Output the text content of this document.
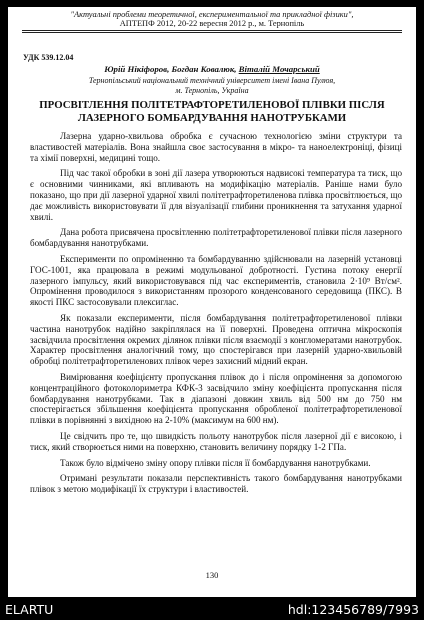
"Актуальні проблеми теоретичної, експериментальної та прикладної фізики",
АПТЕПФ 2012, 20-22 вересня 2012 р., м. Тернопіль
УДК 539.12.04
Юрій Нікіфоров, Богдан Ковалюк, Віталій Мочарський
Тернопільський національний технічний університет імені Івана Пулюя,
м. Тернопіль, Україна
ПРОСВІТЛЕННЯ ПОЛІТЕТРАФТОРЕТИЛЕНОВОЇ ПЛІВКИ ПІСЛЯ
ЛАЗЕРНОГО БОМБАРДУВАННЯ НАНОТРУБКАМИ

Лазерна ударно-хвильова обробка є сучасною технологією зміни структури та властивостей матеріалів. Вона знайшла своє застосування в мікро- та наноелектроніці, фізиці та хімії поверхні, медицині тощо.

Під час такої обробки в зоні дії лазера утворюються надвисокі температура та тиск, що є основними чинниками, які впливають на модифікацію матеріалів. Раніше нами було показано, що при дії лазерної ударної хвилі політетрафторетиленова плівка просвітлюється, що дає можливість використовувати її для візуалізації глибини проникнення та затухання ударної хвилі.

Дана робота присвячена просвітленню політетрафторетиленової плівки після лазерного бомбардування нанотрубками.

Експерименти по опроміненню та бомбардуванню здійснювали на лазерній установці ГОС-1001, яка працювала в режимі модульованої добротності. Густина потоку енергії лазерного імпульсу, який використовувався під час експериментів, становила 2·10⁹ Вт/см². Опромінення проводилося з використанням прозорого конденсованого середовища (ПКС). В якості ПКС застосовували плексиглас.

Як показали експерименти, після бомбардування політетрафторетиленової плівки частина нанотрубок надійно закріплялася на її поверхні. Проведена оптична мікроскопія засвідчила просвітлення окремих ділянок плівки після взаємодії з конгломератами нанотрубок. Характер просвітлення аналогічний тому, що спостерігався при лазерній ударно-хвильовій обробці політетрафторетиленових плівок через захисний мідний екран.

Вимірювання коефіцієнту пропускання плівок до і після опромінення за допомогою концентраційного фотоколориметра КФК-3 засвідчило зміну коефіцієнта пропускання після бомбардування нанотрубками. Так в діапазоні довжин хвиль від 500 нм до 750 нм спостерігається збільшення коефіцієнта пропускання обробленої політетрафторетиленової плівки в порівнянні з вихідною на 2-10% (максимум на 600 нм).

Це свідчить про те, що швидкість польоту нанотрубок після лазерної дії є високою, і тиск, який створюється ними на поверхню, становить величину порядку 1-2 ГПа.

Також було відмічено зміну опору плівки після її бомбардування нанотрубками.

Отримані результати показали перспективність такого бомбардування нанотрубками плівок з метою модифікації їх структури і властивостей.

130
ELARTU	hdl:123456789/7993
